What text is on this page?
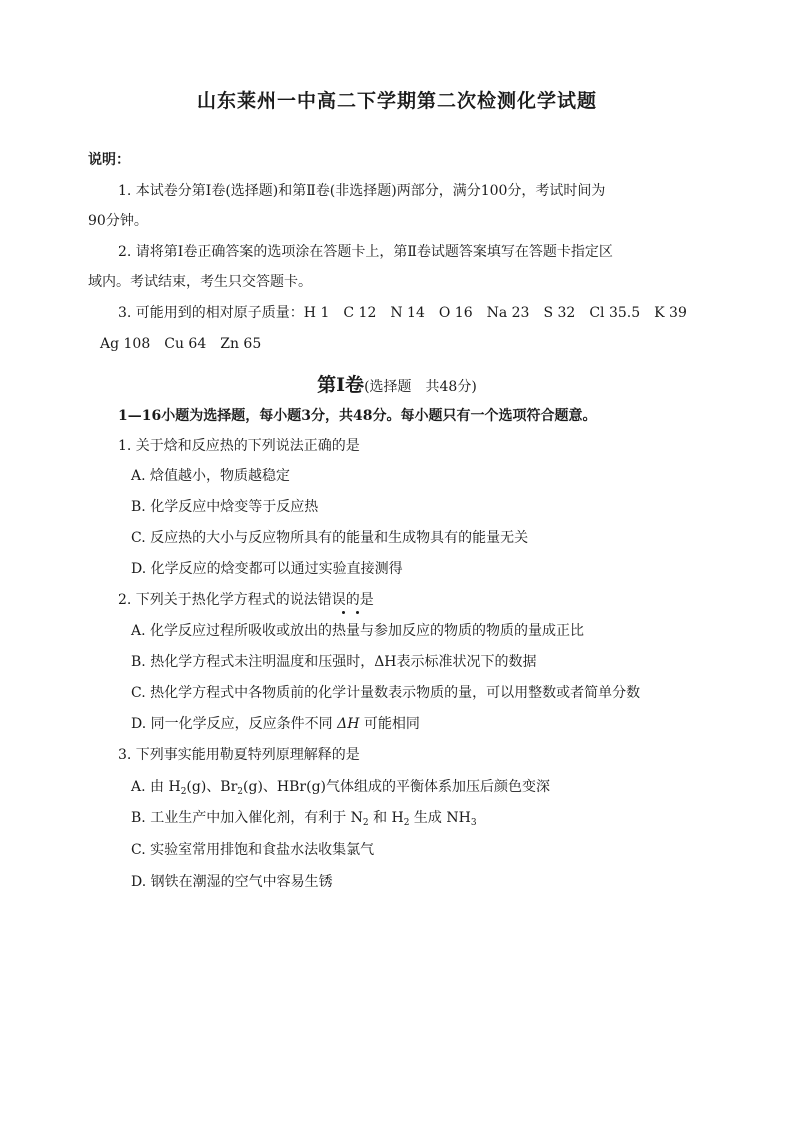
山东莱州一中高二下学期第二次检测化学试题
说明：
1. 本试卷分第Ⅰ卷(选择题)和第Ⅱ卷(非选择题)两部分，满分100分，考试时间为
90分钟。
2. 请将第Ⅰ卷正确答案的选项涂在答题卡上，第Ⅱ卷试题答案填写在答题卡指定区
域内。考试结束，考生只交答题卡。
3. 可能用到的相对原子质量：H 1　C 12　N 14　O 16　Na 23　S 32　Cl 35.5　K 39
Ag 108　Cu 64　Zn 65
第Ⅰ卷(选择题　共48分)
1—16小题为选择题，每小题3分，共48分。每小题只有一个选项符合题意。
1. 关于焓和反应热的下列说法正确的是
A. 焓值越小，物质越稳定
B. 化学反应中焓变等于反应热
C. 反应热的大小与反应物所具有的能量和生成物具有的能量无关
D. 化学反应的焓变都可以通过实验直接测得
2. 下列关于热化学方程式的说法错误的是
A. 化学反应过程所吸收或放出的热量与参加反应的物质的物质的量成正比
B. 热化学方程式未注明温度和压强时，ΔH表示标准状况下的数据
C. 热化学方程式中各物质前的化学计量数表示物质的量，可以用整数或者简单分数
D. 同一化学反应，反应条件不同 ΔH 可能相同
3. 下列事实能用勒夏特列原理解释的是
A. 由 $H_2(g)$、$Br_2(g)$、HBr(g)气体组成的平衡体系加压后颜色变深
B. 工业生产中加入催化剂，有利于 $N_2$ 和 $H_2$ 生成 $NH_3$
C. 实验室常用排饱和食盐水法收集氯气
D. 钢铁在潮湿的空气中容易生锈
